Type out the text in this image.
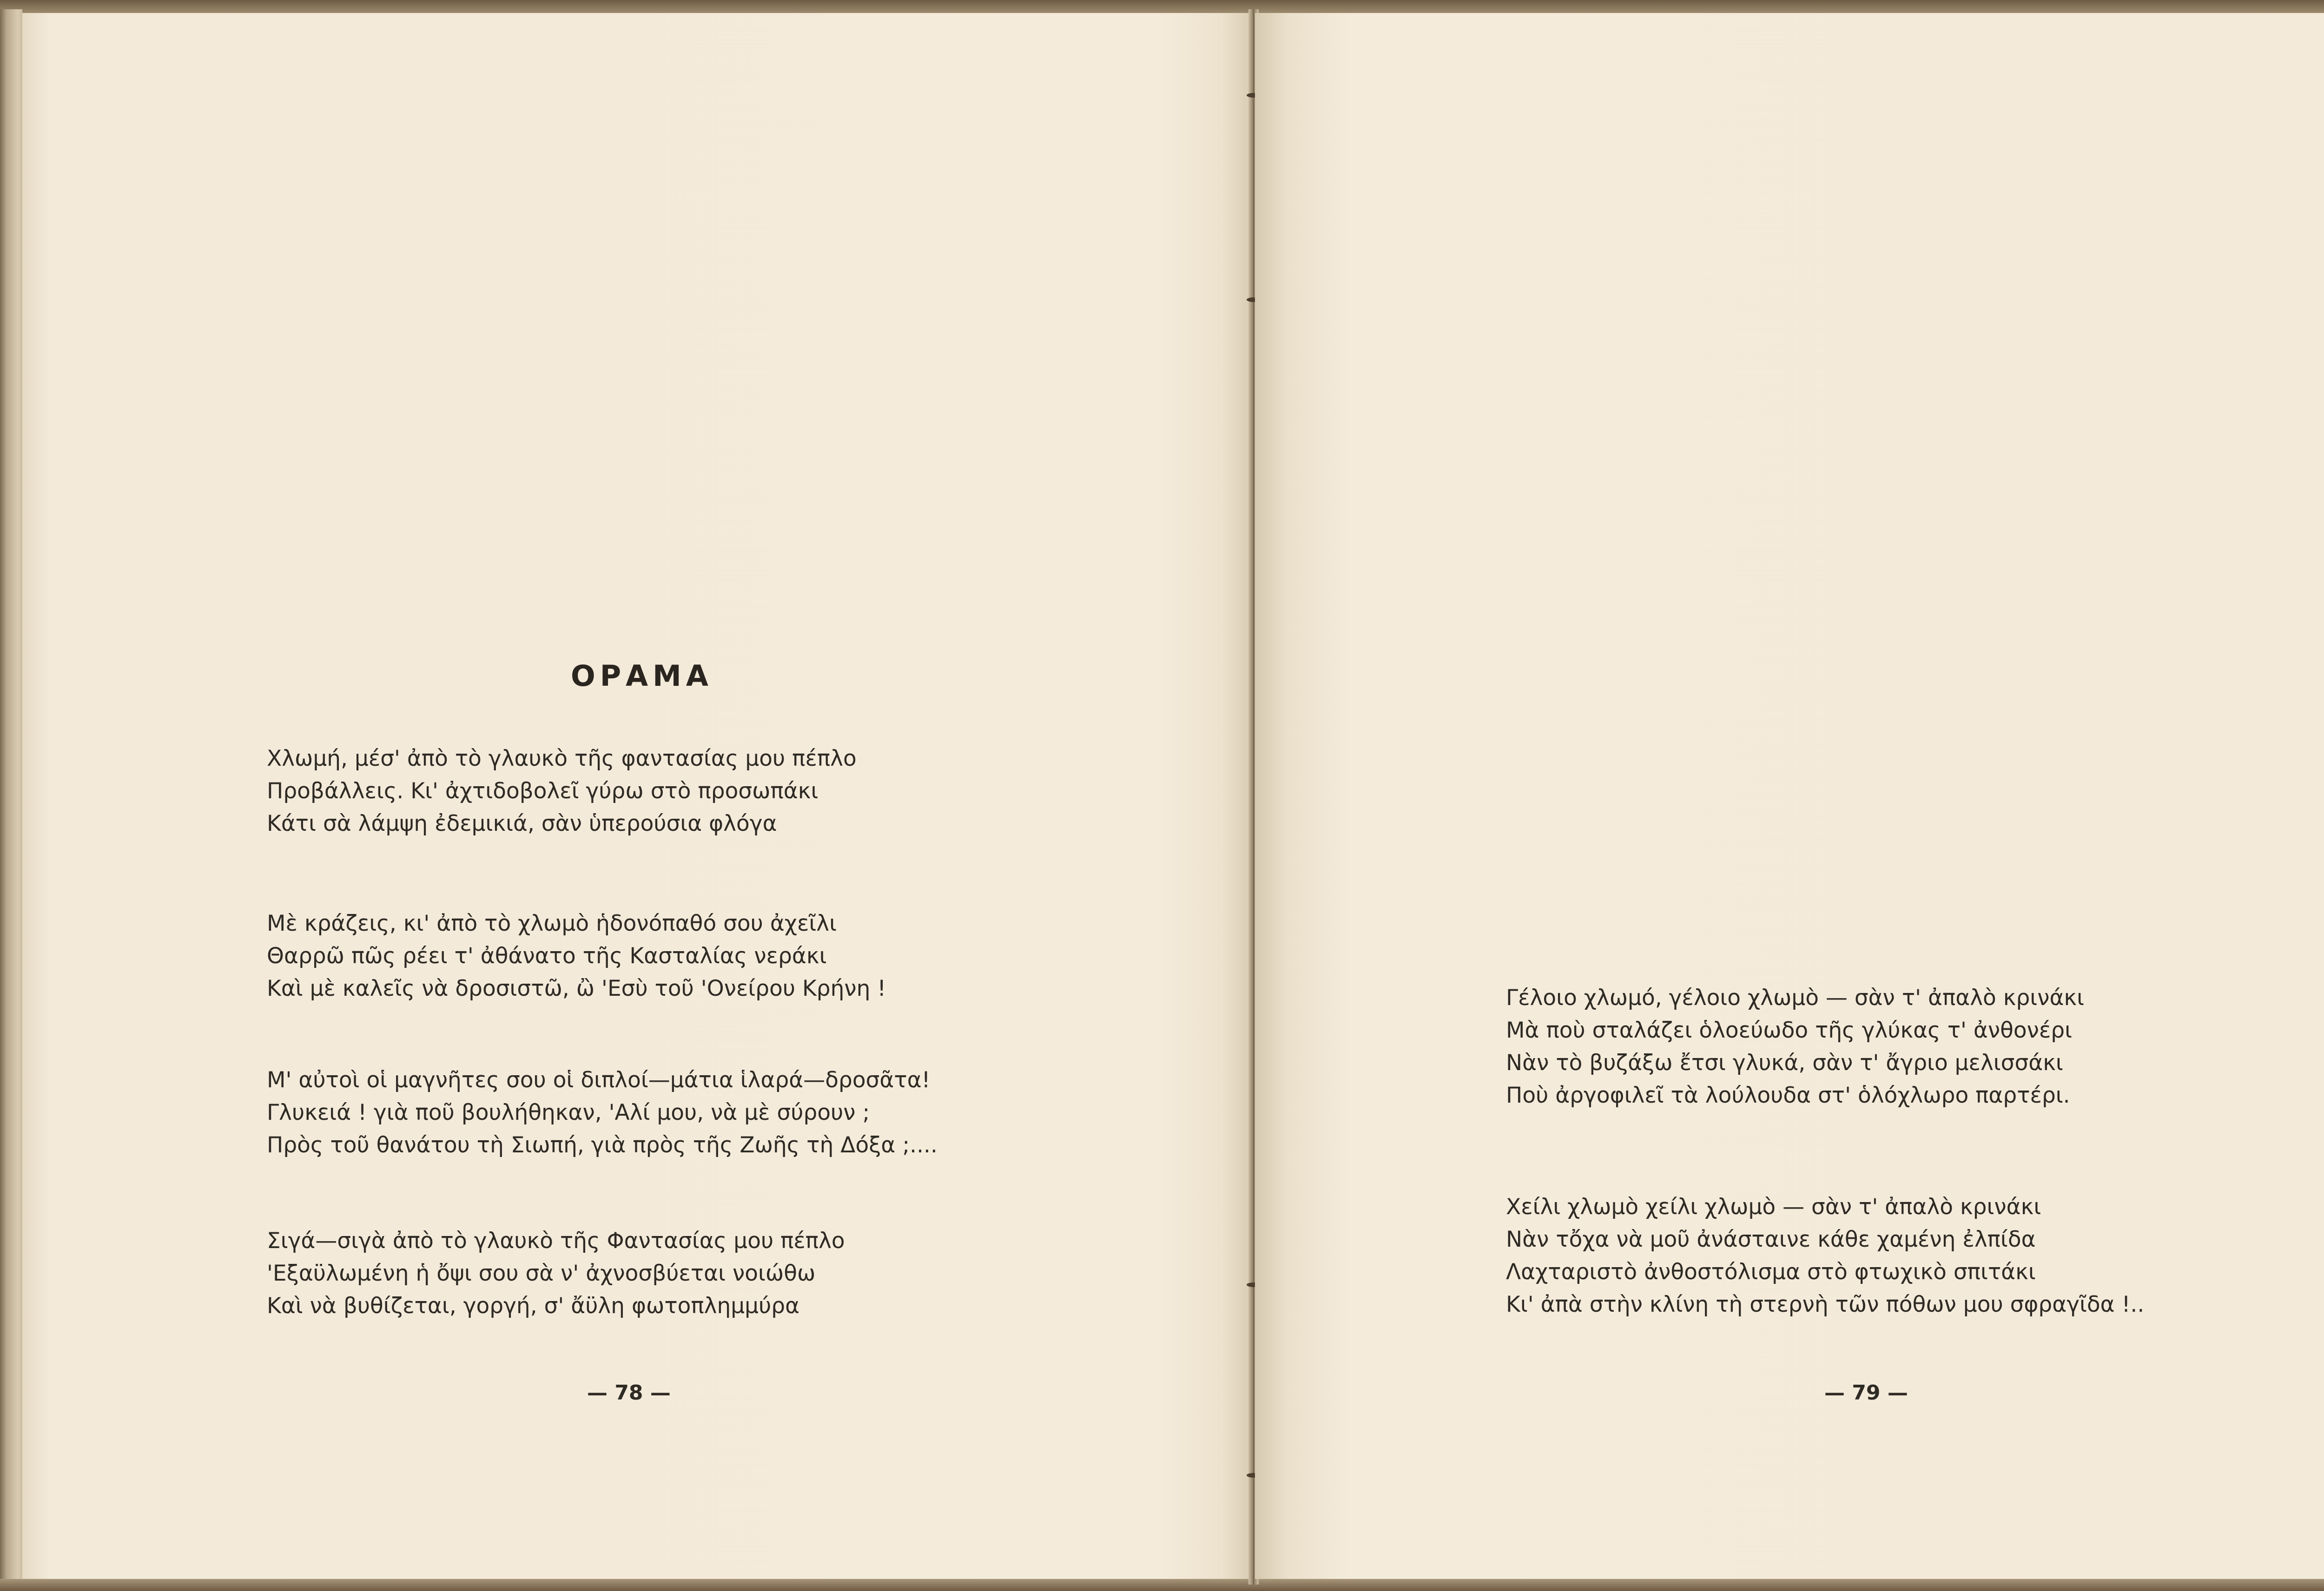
ΟΡΑΜΑ
Χλωμή, μέσ' ἀπὸ τὸ γλαυκὸ τῆς φαντασίας μου πέπλο
Προβάλλεις. Κι' ἀχτιδοβολεῖ γύρω στὸ προσωπάκι
Κάτι σὰ λάμψη ἐδεμικιά, σὰν ὑπερούσια φλόγα
Μὲ κράζεις, κι' ἀπὸ τὸ χλωμὸ ἡδονόπαθό σου ἀχεῖλι
Θαρρῶ πῶς ρέει τ' ἀθάνατο τῆς Κασταλίας νεράκι
Καὶ μὲ καλεῖς νὰ δροσιστῶ, ὢ 'Εσὺ τοῦ 'Ονείρου Κρήνη !
Μ' αὐτοὶ οἱ μαγνῆτες σου οἱ διπλοί—μάτια ἱλαρά—δροσᾶτα!
Γλυκειά ! γιὰ ποῦ βουλήθηκαν, 'Αλί μου, νὰ μὲ σύρουν ;
Πρὸς τοῦ θανάτου τὴ Σιωπή, γιὰ πρὸς τῆς Ζωῆς τὴ Δόξα ;....
Σιγά—σιγὰ ἀπὸ τὸ γλαυκὸ τῆς Φαντασίας μου πέπλο
'Εξαϋλωμένη ἡ ὄψι σου σὰ ν' ἀχνοσβύεται νοιώθω
Καὶ νὰ βυθίζεται, γοργή, σ' ἄϋλη φωτοπλημμύρα

— 78 —

Γέλοιο χλωμό, γέλοιο χλωμὸ — σὰν τ' ἀπαλὸ κρινάκι
Μὰ ποὺ σταλάζει ὁλοεύωδο τῆς γλύκας τ' ἀνθονέρι
Νὰν τὸ βυζάξω ἔτσι γλυκά, σὰν τ' ἄγριο μελισσάκι
Ποὺ ἀργοφιλεῖ τὰ λούλουδα στ' ὁλόχλωρο παρτέρι.
Χείλι χλωμὸ χείλι χλωμὸ — σὰν τ' ἀπαλὸ κρινάκι
Νὰν τὄχα νὰ μοῦ ἀνάσταινε κάθε χαμένη ἐλπίδα
Λαχταριστὸ ἀνθοστόλισμα στὸ φτωχικὸ σπιτάκι
Κι' ἀπὰ στὴν κλίνη τὴ στερνὴ τῶν πόθων μου σφραγῖδα !..

— 79 —
